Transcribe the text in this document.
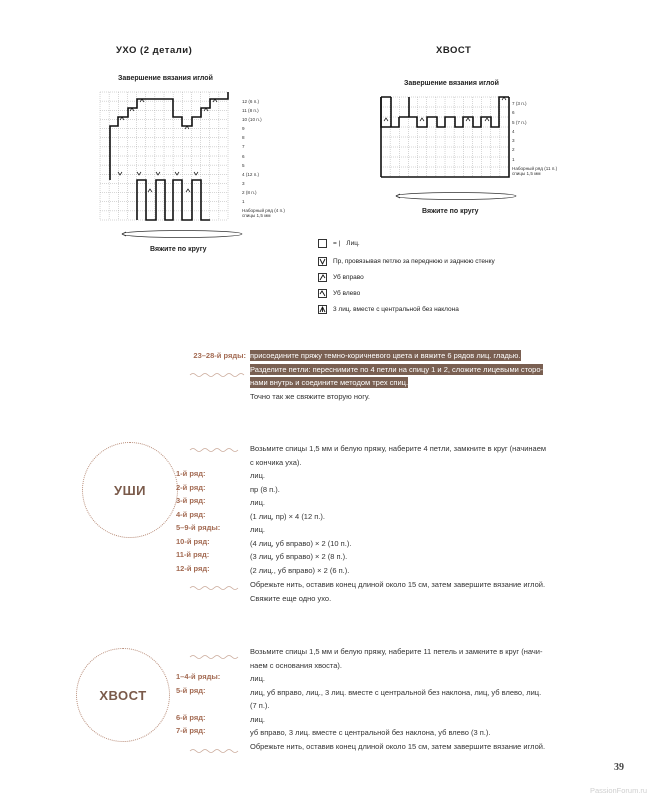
УХО (2 детали)
Завершение вязания иглой
12 (6 п.)
11 (8 п.)
10 (10 п.)
9
8
7
6
5
4 (12 п.)
3
2 (8 п.)
1
Наборный ряд (4 п.)
спицы 1,5 мм
Вяжите по кругу
ХВОСТ
Завершение вязания иглой
7 (3 п.)
6
5 (7 п.)
4
3
2
1
Наборный ряд (11 п.)
спицы 1,5 мм
Вяжите по кругу
= | Лиц.
Пр, провязывая петлю за переднюю и заднюю стенку
Уб вправо
Уб влево
3 лиц. вместе с центральной без наклона
23–28-й ряды: присоедините пряжу темно-коричневого цвета и вяжите 6 рядов лиц. гладью.
Разделите петли: переснимите по 4 петли на спицу 1 и 2, сложите лицевыми сторо-
нами внутрь и соедините методом трех спиц.
Точно так же свяжите вторую ногу.
УШИ
Возьмите спицы 1,5 мм и белую пряжу, наберите 4 петли, замкните в круг (начинаем
с кончика уха).
1-й ряд:	лиц.
2-й ряд:	пр (8 п.).
3-й ряд:	лиц.
4-й ряд:	(1 лиц, пр) × 4 (12 п.).
5–9-й ряды:	лиц.
10-й ряд:	(4 лиц, уб вправо) × 2 (10 п.).
11-й ряд:	(3 лиц, уб вправо) × 2 (8 п.).
12-й ряд:	(2 лиц., уб вправо) × 2 (6 п.).
Обрежьте нить, оставив конец длиной около 15 см, затем завершите вязание иглой.
Свяжите еще одно ухо.
ХВОСТ
Возьмите спицы 1,5 мм и белую пряжу, наберите 11 петель и замкните в круг (начи-
наем с основания хвоста).
1–4-й ряды:	лиц.
5-й ряд:	лиц, уб вправо, лиц., 3 лиц. вместе с центральной без наклона, лиц, уб влево, лиц.
(7 п.).
6-й ряд:	лиц.
7-й ряд:	уб вправо, 3 лиц. вместе с центральной без наклона, уб влево (3 п.).
Обрежьте нить, оставив конец длиной около 15 см, затем завершите вязание иглой.
39
PassionForum.ru
